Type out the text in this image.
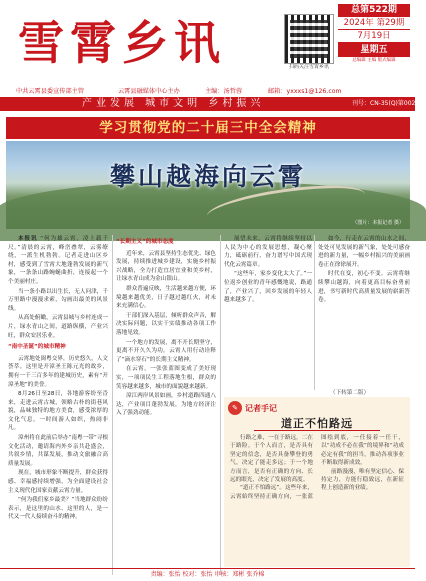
雪霄乡讯	扫码关注雪霄乡讯
总第522期
2024年 第29期
7月19日
星期五
总编辑 主编 版式编辑
中共云霄县委宣传部主管	云霄县融媒体中心主办	主编：汤哲蓉	邮箱：yxxxs1@126.com
产业发展 城市文明 乡村振兴	刊号：CN-35(Q)第0026号
学习贯彻党的二十届三中全会精神
攀山越海向云霄
（图片：本报记者 摄）

本报讯 “何为雄云霄，凌上载千尺。”清晨的云霄，峰峦叠翠，云雾缭绕，一派生机勃勃。记者走进山区乡村，感受到了雪霄大地蓬勃发展的新气象，一条条山路蜿蜒曲折，连接起一个个美丽村庄。

当一条小路以出生长，无人问津，千万里路中漫漫求索，勾画出最美的风景线。

从高处俯瞰，云霄县城与乡村连成一片，绿水青山之间，道路纵横，产业兴旺，群众安居乐业。

“南中圣诞”的城市精神

云霄地处闽粤交界，历史悠久，人文荟萃。这里是开漳圣王陈元光的故乡，拥有一千三百多年的建城历史，素有“开漳圣地”的美誉。

8月26日至28日，各地游客纷至沓来，走进云霄古城，领略古朴的街巷风貌，品味独特的地方美食，感受浓厚的文化气息，一时间游人如织，热闹非凡。

漳州将在此前后举办“南粤一带”寻根文化活动，邀请海内外乡亲共赴盛会，共叙乡情，共谋发展，推动文旅融合高质量发展。

现在，城市形象不断提升，群众获得感、幸福感持续增强，为全面建设社会主义现代化国家贡献云霄力量。

“何为我们家乡最美？”当地群众纷纷表示，是这里的山水、这里的人，是一代又一代人接续奋斗的精神。

“长期主义”的城市态度

近年来，云霄县坚持生态优先、绿色发展，持续推进城乡建设，实施乡村振兴战略，全力打造宜居宜业和美乡村，让绿水青山成为金山银山。

群众普遍反映，生活越来越方便，环境越来越优美，日子越过越红火，对未来充满信心。

干部们深入基层，倾听群众声音，解决实际问题，以实干实绩推动各项工作落地见效。

一个地方的发展，离不开长期坚守，更离不开久久为功。云霄人用行动诠释了“滴水穿石”的长期主义精神。

在云霄，一张张蓝图变成了美好现实，一项项民生工程落地生根，群众的笑容越来越多，城市的面貌越来越新。

漳江两岸风景如画，乡村道路四通八达，产业项目蓬勃发展，为地方经济注入了强劲动能。

展望未来，云霄将继续坚持以人民为中心的发展思想，凝心聚力，砥砺前行，奋力谱写中国式现代化云霄篇章。

“这些年，家乡变化太大了。”一位返乡创业的青年感慨地说，路通了，产业兴了，回乡发展的年轻人越来越多了。

如今，行走在云霄的山水之间，处处可见发展的新气象，处处可感奋进的新力量，一幅乡村振兴的美丽画卷正在徐徐展开。

时代在变，初心不变。云霄将继续攀山越海，向着更高目标奋勇前进，书写新时代高质量发展的崭新答卷。

（下转第二版）
✎ 记者手记
道正不怕路远

行路之难，一在于路远，二在于路险。于个人而言，是否具有坚定的信念，是否具备攀登的勇气，决定了能走多远；于一个地方而言，是否有正确的方向、长远的眼光，决定了发展的高度。

“道正不怕路远”。这些年来，云霄始终坚持正确方向，一张蓝图绘到底，一任接着一任干，以“功成不必在我”的境界和“功成必定有我”的担当，推动各项事业不断取得新成效。

前路漫漫，唯有坚定信心、保持定力，方能行稳致远，在新征程上创造新的业绩。

责编：张怡 校对：张怡 审核：郑彬 张乔棉
